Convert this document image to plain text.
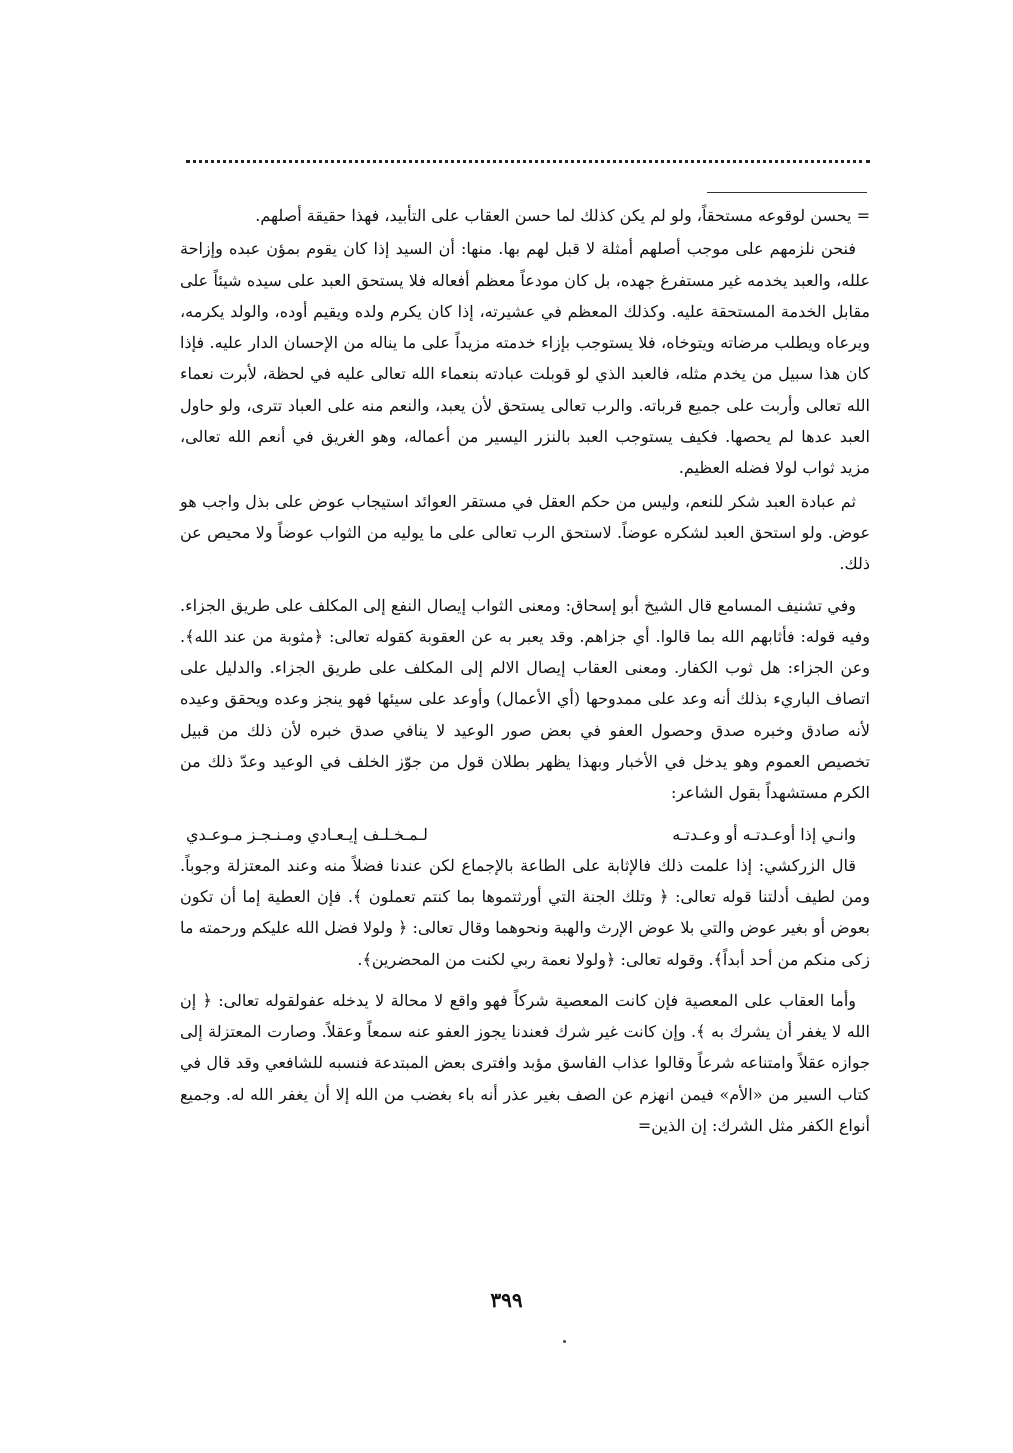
= يحسن لوقوعه مستحقاً، ولو لم يكن كذلك لما حسن العقاب على التأبيد، فهذا حقيقة أصلهم.

فنحن نلزمهم على موجب أصلهم أمثلة لا قبل لهم بها. منها: أن السيد إذا كان يقوم بمؤن عبده وإزاحة علله، والعبد يخدمه غير مستفرغ جهده، بل كان مودعاً معظم أفعاله فلا يستحق العبد على سيده شيئاً على مقابل الخدمة المستحقة عليه. وكذلك المعظم في عشيرته، إذا كان يكرم ولده ويقيم أوده، والولد يكرمه، ويرعاه ويطلب مرضاته ويتوخاه، فلا يستوجب بإزاء خدمته مزيداً على ما يناله من الإحسان الدار عليه. فإذا كان هذا سبيل من يخدم مثله، فالعبد الذي لو قوبلت عبادته بنعماء الله تعالى عليه في لحظة، لأبرت نعماء الله تعالى وأربت على جميع قرباته. والرب تعالى يستحق لأن يعبد، والنعم منه على العباد تترى، ولو حاول العبد عدها لم يحصها. فكيف يستوجب العبد بالنزر اليسير من أعماله، وهو الغريق في أنعم الله تعالى، مزيد ثواب لولا فضله العظيم.

ثم عبادة العبد شكر للنعم، وليس من حكم العقل في مستقر العوائد استيجاب عوض على بذل واجب هو عوض. ولو استحق العبد لشكره عوضاً. لاستحق الرب تعالى على ما يوليه من الثواب عوضاً ولا محيص عن ذلك.

وفي تشنيف المسامع قال الشيخ أبو إسحاق: ومعنى الثواب إيصال النفع إلى المكلف على طريق الجزاء. وفيه قوله: فأثابهم الله بما قالوا. أي جزاهم. وقد يعبر به عن العقوبة كقوله تعالى: ﴿مثوبة من عند الله﴾. وعن الجزاء: هل ثوب الكفار. ومعنى العقاب إيصال الالم إلى المكلف على طريق الجزاء. والدليل على اتصاف الباريء بذلك أنه وعد على ممدوحها (أي الأعمال) وأوعد على سيئها فهو ينجز وعده ويحقق وعيده لأنه صادق وخبره صدق وحصول العفو في بعض صور الوعيد لا ينافي صدق خبره لأن ذلك من قبيل تخصيص العموم وهو يدخل في الأخبار وبهذا يظهر بطلان قول من جوّز الخلف في الوعيد وعدّ ذلك من الكرم مستشهداً بقول الشاعر:

وانـي إذا أوعـدتـه أو وعـدتـه
لـمـخـلـف إيـعـادي ومـنـجـز مـوعـدي

قال الزركشي: إذا علمت ذلك فالإثابة على الطاعة بالإجماع لكن عندنا فضلاً منه وعند المعتزلة وجوباً. ومن لطيف أدلتنا قوله تعالى: ﴿ وتلك الجنة التي أورثتموها بما كنتم تعملون ﴾. فإن العطية إما أن تكون بعوض أو بغير عوض والتي بلا عوض الإرث والهبة ونحوهما وقال تعالى: ﴿ ولولا فضل الله عليكم ورحمته ما زكى منكم من أحد أبداً﴾. وقوله تعالى: ﴿ولولا نعمة ربي لكنت من المحضرين﴾.

وأما العقاب على المعصية فإن كانت المعصية شركاً فهو واقع لا محالة لا يدخله عفولقوله تعالى: ﴿ إن الله لا يغفر أن يشرك به ﴾. وإن كانت غير شرك فعندنا يجوز العفو عنه سمعاً وعقلاً. وصارت المعتزلة إلى جوازه عقلاً وامتناعه شرعاً وقالوا عذاب الفاسق مؤبد وافترى بعض المبتدعة فنسبه للشافعي وقد قال في كتاب السير من «الأم» فيمن انهزم عن الصف بغير عذر أنه باء بغضب من الله إلا أن يغفر الله له. وجميع أنواع الكفر مثل الشرك: إن الذين=

٣٩٩
